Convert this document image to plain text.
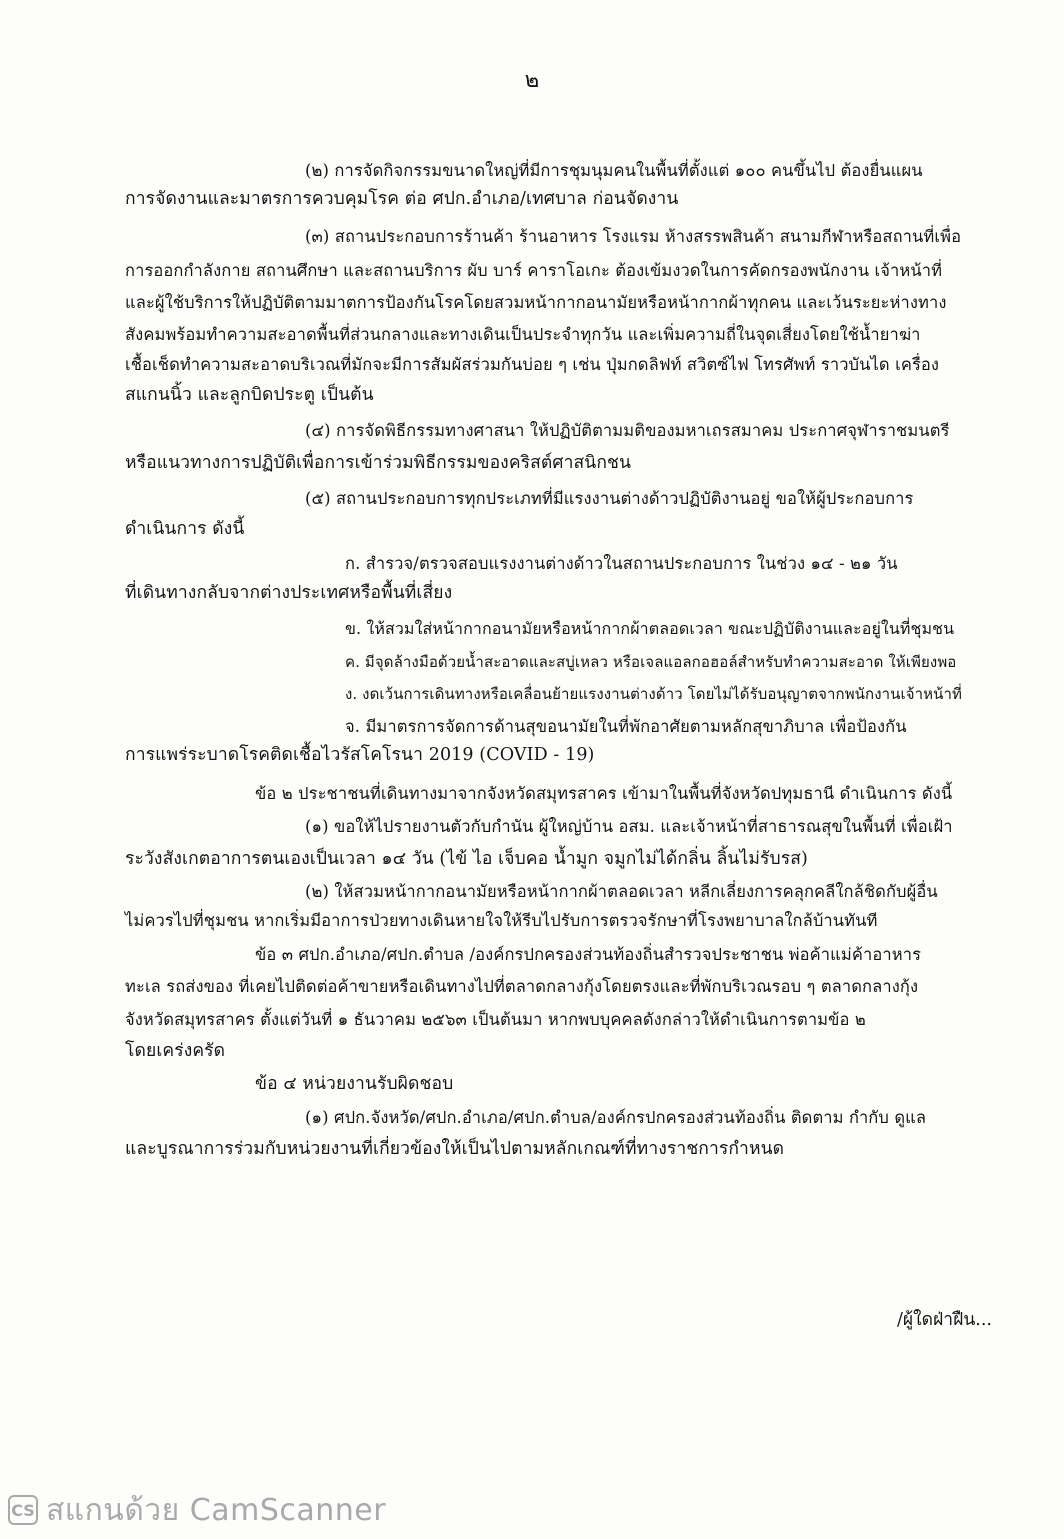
๒
(๒) การจัดกิจกรรมขนาดใหญ่ที่มีการชุมนุมคนในพื้นที่ตั้งแต่ ๑๐๐ คนขึ้นไป ต้องยื่นแผน
การจัดงานและมาตรการควบคุมโรค ต่อ ศปก.อำเภอ/เทศบาล ก่อนจัดงาน
(๓) สถานประกอบการร้านค้า ร้านอาหาร โรงแรม ห้างสรรพสินค้า สนามกีฬาหรือสถานที่เพื่อ
การออกกำลังกาย สถานศึกษา และสถานบริการ ผับ บาร์ คาราโอเกะ ต้องเข้มงวดในการคัดกรองพนักงาน เจ้าหน้าที่
และผู้ใช้บริการให้ปฏิบัติตามมาตการป้องกันโรคโดยสวมหน้ากากอนามัยหรือหน้ากากผ้าทุกคน และเว้นระยะห่างทาง
สังคมพร้อมทำความสะอาดพื้นที่ส่วนกลางและทางเดินเป็นประจำทุกวัน และเพิ่มความถี่ในจุดเสี่ยงโดยใช้น้ำยาฆ่า
เชื้อเช็ดทำความสะอาดบริเวณที่มักจะมีการสัมผัสร่วมกันบ่อย ๆ เช่น ปุ่มกดลิฟท์ สวิตซ์ไฟ โทรศัพท์ ราวบันได เครื่อง
สแกนนิ้ว และลูกบิดประตู เป็นต้น
(๔) การจัดพิธีกรรมทางศาสนา ให้ปฏิบัติตามมติของมหาเถรสมาคม ประกาศจุฬาราชมนตรี
หรือแนวทางการปฏิบัติเพื่อการเข้าร่วมพิธีกรรมของคริสต์ศาสนิกชน
(๕) สถานประกอบการทุกประเภทที่มีแรงงานต่างด้าวปฏิบัติงานอยู่ ขอให้ผู้ประกอบการ
ดำเนินการ ดังนี้
ก. สำรวจ/ตรวจสอบแรงงานต่างด้าวในสถานประกอบการ ในช่วง ๑๔ - ๒๑ วัน
ที่เดินทางกลับจากต่างประเทศหรือพื้นที่เสี่ยง
ข. ให้สวมใส่หน้ากากอนามัยหรือหน้ากากผ้าตลอดเวลา ขณะปฏิบัติงานและอยู่ในที่ชุมชน
ค. มีจุดล้างมือด้วยน้ำสะอาดและสบู่เหลว หรือเจลแอลกอฮอล์สำหรับทำความสะอาด ให้เพียงพอ
ง. งดเว้นการเดินทางหรือเคลื่อนย้ายแรงงานต่างด้าว โดยไม่ได้รับอนุญาตจากพนักงานเจ้าหน้าที่
จ. มีมาตรการจัดการด้านสุขอนามัยในที่พักอาศัยตามหลักสุขาภิบาล เพื่อป้องกัน
การแพร่ระบาดโรคติดเชื้อไวรัสโคโรนา 2019 (COVID - 19)
ข้อ ๒ ประชาชนที่เดินทางมาจากจังหวัดสมุทรสาคร เข้ามาในพื้นที่จังหวัดปทุมธานี ดำเนินการ ดังนี้
(๑) ขอให้ไปรายงานตัวกับกำนัน ผู้ใหญ่บ้าน อสม. และเจ้าหน้าที่สาธารณสุขในพื้นที่ เพื่อเฝ้า
ระวังสังเกตอาการตนเองเป็นเวลา ๑๔ วัน (ไข้ ไอ เจ็บคอ น้ำมูก จมูกไม่ได้กลิ่น ลิ้นไม่รับรส)
(๒) ให้สวมหน้ากากอนามัยหรือหน้ากากผ้าตลอดเวลา หลีกเลี่ยงการคลุกคลีใกล้ชิดกับผู้อื่น
ไม่ควรไปที่ชุมชน หากเริ่มมีอาการป่วยทางเดินหายใจให้รีบไปรับการตรวจรักษาที่โรงพยาบาลใกล้บ้านทันที
ข้อ ๓ ศปก.อำเภอ/ศปก.ตำบล /องค์กรปกครองส่วนท้องถิ่นสำรวจประชาชน พ่อค้าแม่ค้าอาหาร
ทะเล รถส่งของ ที่เคยไปติดต่อค้าขายหรือเดินทางไปที่ตลาดกลางกุ้งโดยตรงและที่พักบริเวณรอบ ๆ ตลาดกลางกุ้ง
จังหวัดสมุทรสาคร ตั้งแต่วันที่ ๑ ธันวาคม ๒๕๖๓ เป็นต้นมา หากพบบุคคลดังกล่าวให้ดำเนินการตามข้อ ๒
โดยเคร่งครัด
ข้อ ๔ หน่วยงานรับผิดชอบ
(๑) ศปก.จังหวัด/ศปก.อำเภอ/ศปก.ตำบล/องค์กรปกครองส่วนท้องถิ่น ติดตาม กำกับ ดูแล
และบูรณาการร่วมกับหน่วยงานที่เกี่ยวข้องให้เป็นไปตามหลักเกณฑ์ที่ทางราชการกำหนด
/ผู้ใดฝ่าฝืน...
CS สแกนด้วย CamScanner
